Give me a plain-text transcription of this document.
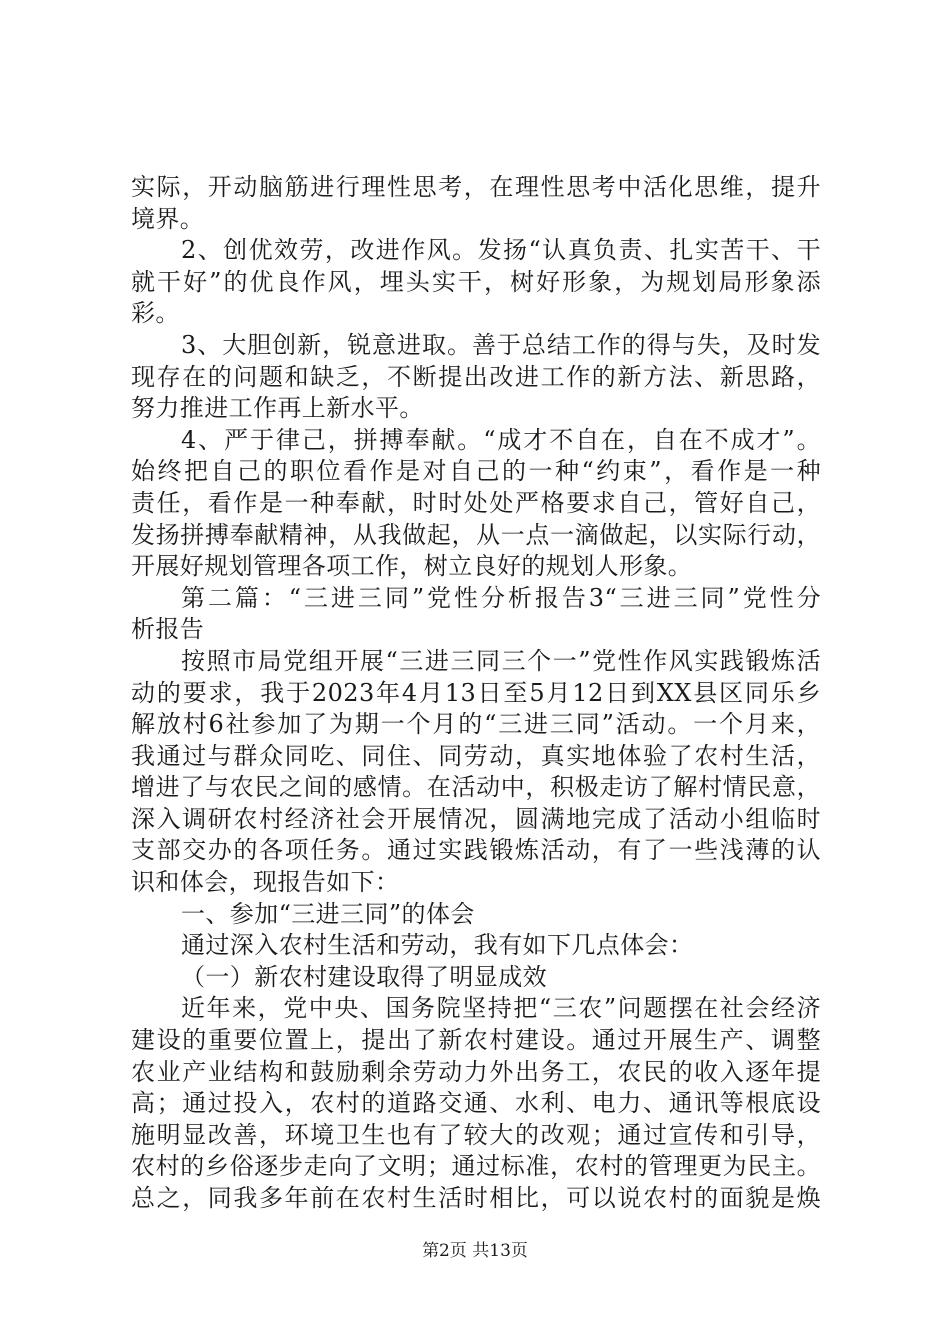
实际，开动脑筋进行理性思考，在理性思考中活化思维，提升
境界。
2、创优效劳，改进作风。发扬“认真负责、扎实苦干、干
就干好”的优良作风，埋头实干，树好形象，为规划局形象添
彩。
3、大胆创新，锐意进取。善于总结工作的得与失，及时发
现存在的问题和缺乏，不断提出改进工作的新方法、新思路，
努力推进工作再上新水平。
4、严于律己，拼搏奉献。“成才不自在，自在不成才”。
始终把自己的职位看作是对自己的一种“约束”，看作是一种
责任，看作是一种奉献，时时处处严格要求自己，管好自己，
发扬拼搏奉献精神，从我做起，从一点一滴做起，以实际行动，
开展好规划管理各项工作，树立良好的规划人形象。
第二篇：“三进三同”党性分析报告3“三进三同”党性分
析报告
按照市局党组开展“三进三同三个一”党性作风实践锻炼活
动的要求，我于2023年4月13日至5月12日到XX县区同乐乡
解放村6社参加了为期一个月的“三进三同”活动。一个月来，
我通过与群众同吃、同住、同劳动，真实地体验了农村生活，
增进了与农民之间的感情。在活动中，积极走访了解村情民意，
深入调研农村经济社会开展情况，圆满地完成了活动小组临时
支部交办的各项任务。通过实践锻炼活动，有了一些浅薄的认
识和体会，现报告如下：
一、参加“三进三同”的体会
通过深入农村生活和劳动，我有如下几点体会：
（一）新农村建设取得了明显成效
近年来，党中央、国务院坚持把“三农”问题摆在社会经济
建设的重要位置上，提出了新农村建设。通过开展生产、调整
农业产业结构和鼓励剩余劳动力外出务工，农民的收入逐年提
高；通过投入，农村的道路交通、水利、电力、通讯等根底设
施明显改善，环境卫生也有了较大的改观；通过宣传和引导，
农村的乡俗逐步走向了文明；通过标准，农村的管理更为民主。
总之，同我多年前在农村生活时相比，可以说农村的面貌是焕
第2页 共13页
